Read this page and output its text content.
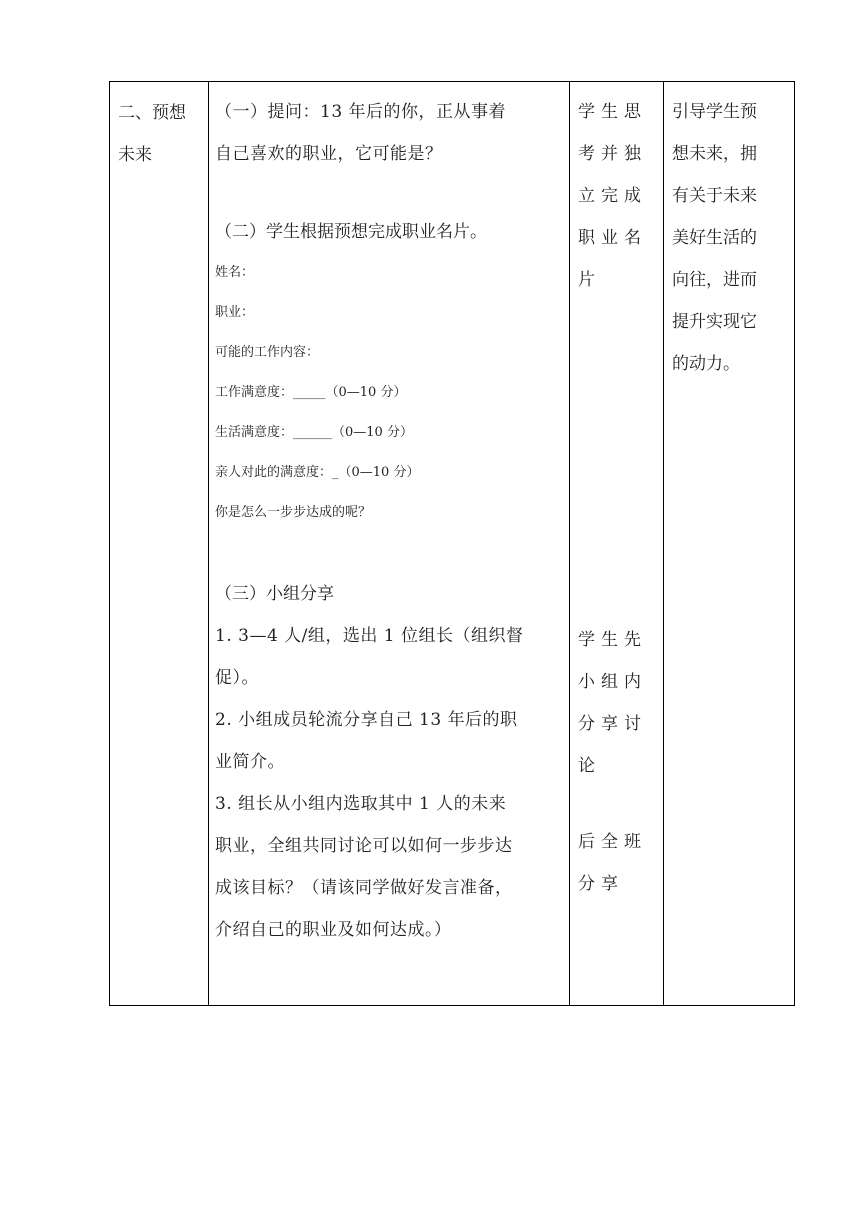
二、预想
未来

（一）提问：13 年后的你，正从事着
自己喜欢的职业，它可能是？
（二）学生根据预想完成职业名片。
姓名：
职业：
可能的工作内容：
工作满意度：_____（0—10 分）
生活满意度：______（0—10 分）
亲人对此的满意度：_（0—10 分）
你是怎么一步步达成的呢？
（三）小组分享
1. 3—4 人/组，选出 1 位组长（组织督
促）。
2. 小组成员轮流分享自己 13 年后的职
业简介。
3. 组长从小组内选取其中 1 人的未来
职业，全组共同讨论可以如何一步步达
成该目标？（请该同学做好发言准备，
介绍自己的职业及如何达成。）

学生思
考并独
立完成
职业名
片
学生先
小组内
分享讨
论
后全班
分享

引导学生预
想未来，拥
有关于未来
美好生活的
向往，进而
提升实现它
的动力。
